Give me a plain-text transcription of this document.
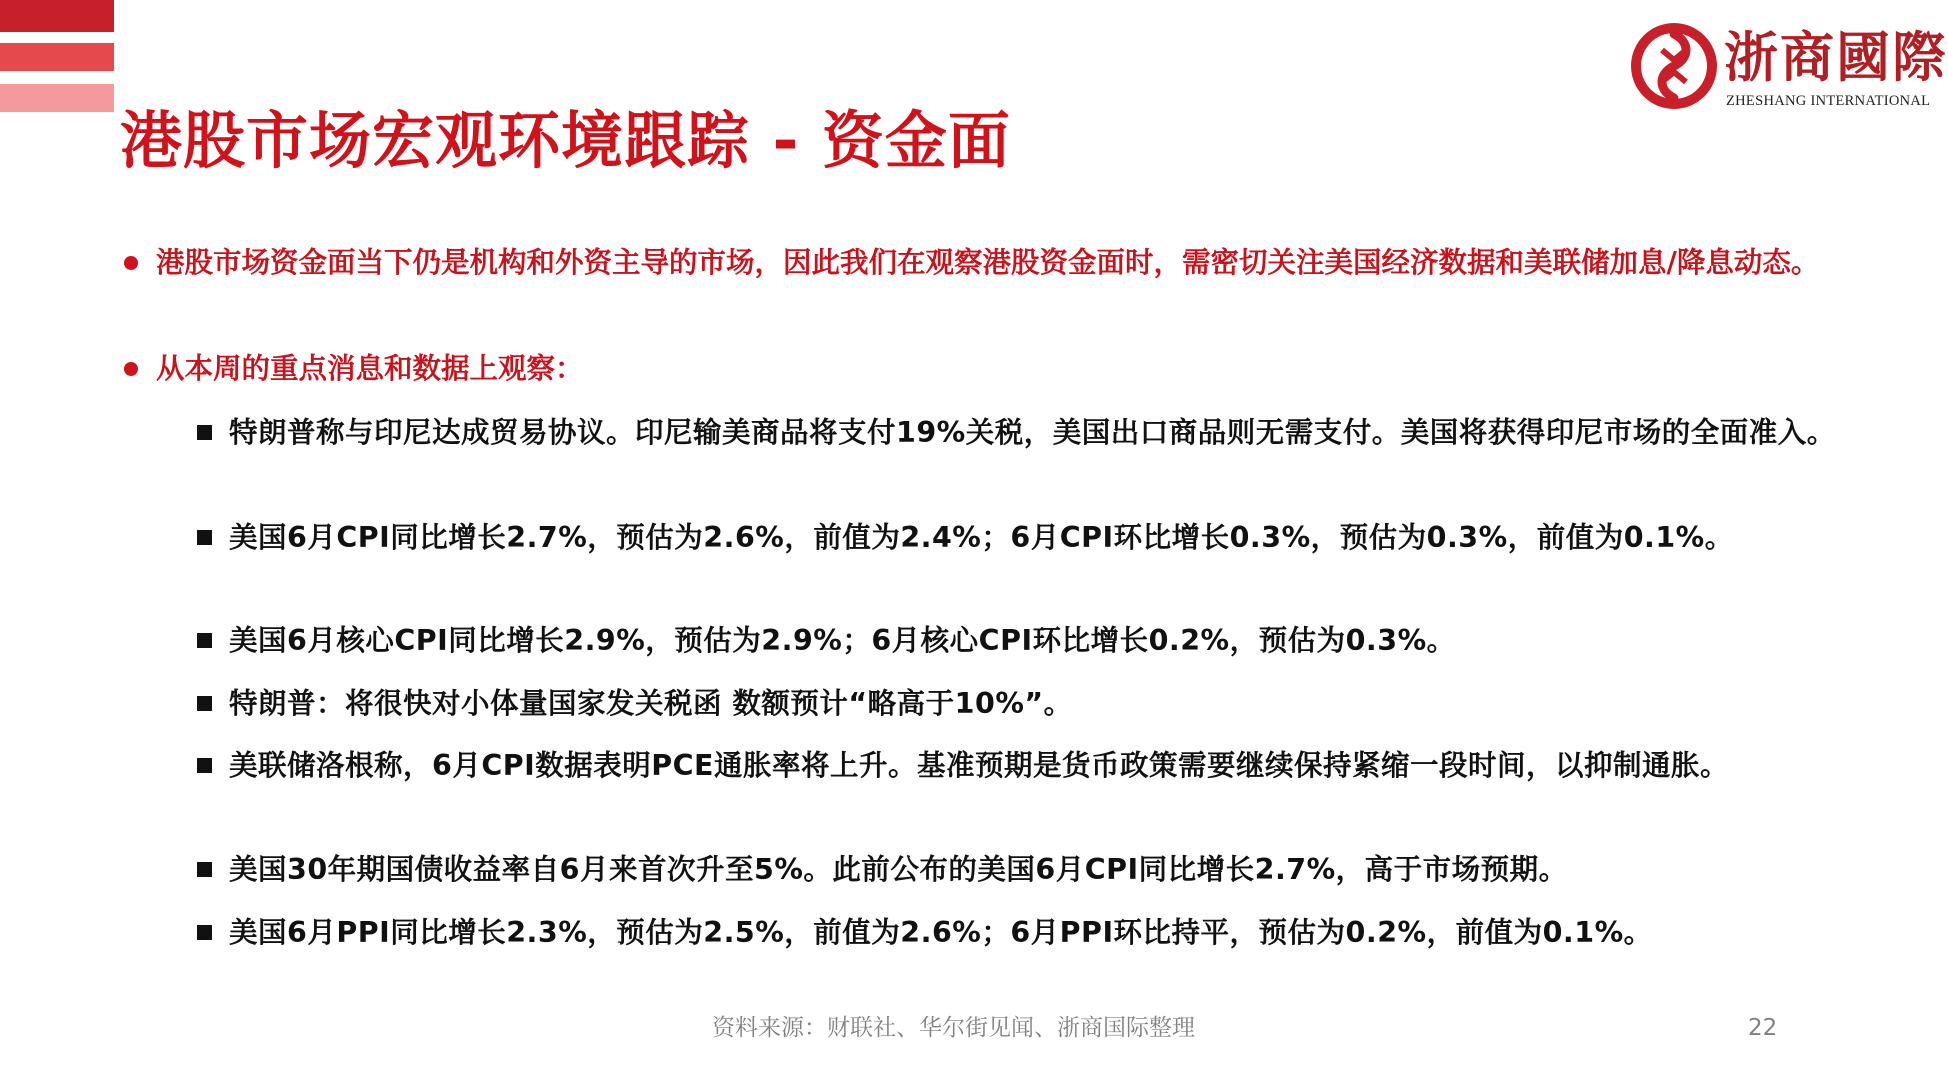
浙商國際
ZHESHANG INTERNATIONAL
港股市场宏观环境跟踪 - 资金面
港股市场资金面当下仍是机构和外资主导的市场，因此我们在观察港股资金面时，需密切关注美国经济数据和美联储加息/降息动态。
从本周的重点消息和数据上观察：
特朗普称与印尼达成贸易协议。印尼输美商品将支付19%关税，美国出口商品则无需支付。美国将获得印尼市场的全面准入。
美国6月CPI同比增长2.7%，预估为2.6%，前值为2.4%；6月CPI环比增长0.3%，预估为0.3%，前值为0.1%。
美国6月核心CPI同比增长2.9%，预估为2.9%；6月核心CPI环比增长0.2%，预估为0.3%。
特朗普：将很快对小体量国家发关税函 数额预计“略高于10%”。
美联储洛根称，6月CPI数据表明PCE通胀率将上升。基准预期是货币政策需要继续保持紧缩一段时间，以抑制通胀。
美国30年期国债收益率自6月来首次升至5%。此前公布的美国6月CPI同比增长2.7%，高于市场预期。
美国6月PPI同比增长2.3%，预估为2.5%，前值为2.6%；6月PPI环比持平，预估为0.2%，前值为0.1%。
资料来源：财联社、华尔街见闻、浙商国际整理	22
